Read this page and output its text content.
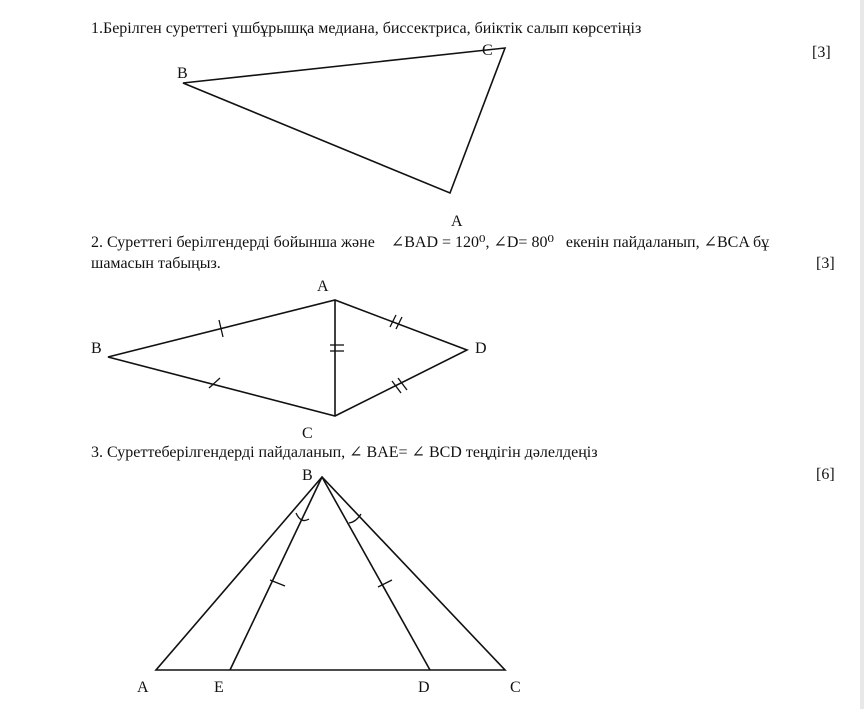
1.Берілген суреттегі үшбұрышқа медиана, биссектриса, биіктік салып көрсетіңіз
[3]
2. Суреттегі берілгендерді бойынша және ∠BAD = 120⁰, ∠D= 80⁰ екенін пайдаланып, ∠BCA бұ
шамасын табыңыз.	[3]
3. Суреттеберілгендерді пайдаланып, ∠ BAE= ∠ BCD теңдігін дәлелдеңіз
[6]
B
C
A
A
B	D
C
B
A	E	D	C
